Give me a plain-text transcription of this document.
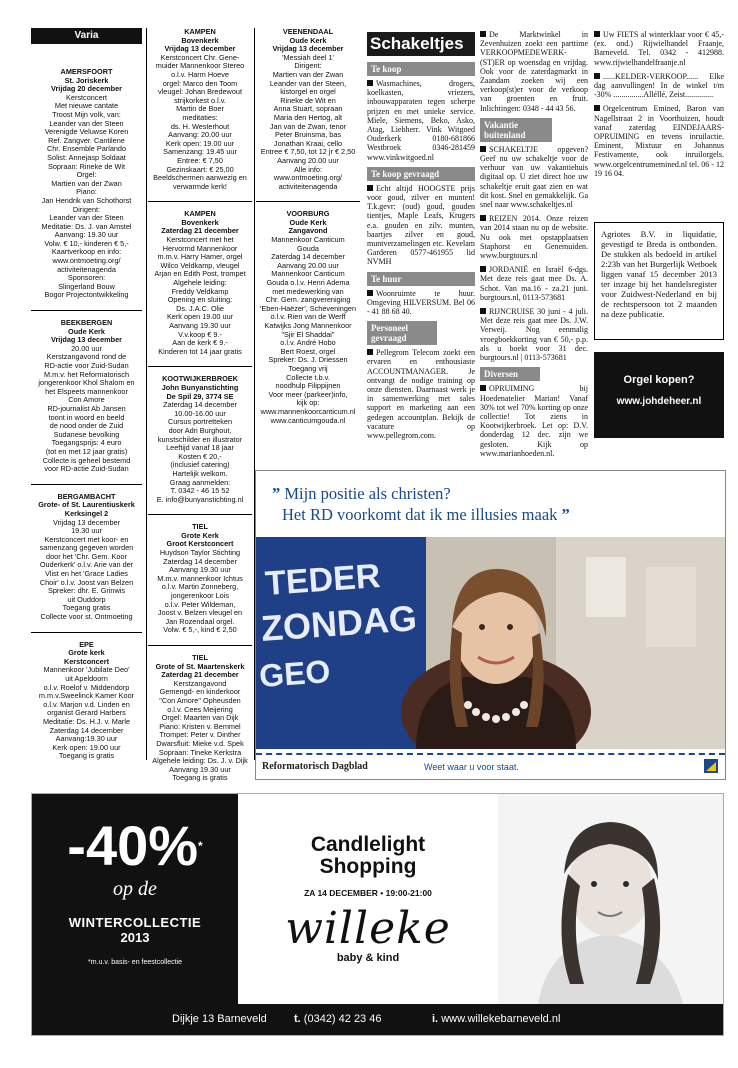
Varia
AMERSFOORT

St. Joriskerk

Vrijdag 20 december

Kerstconcert

Met nieuwe cantate

Troost Mijn volk, van:

Leander van der Steen

Verenigde Veluwse Koren

Ref. Zangver. Cantilene

Chr. Ensemble Parlando

Solist: Annejasp Soldaat

Sopraan: Rineke de Wit

Orgel:

Martien van der Zwan

Piano:

Jan Hendrik van Schothorst

Dirigent:

Leander van der Steen

Meditatie: Ds. J. van Amstel

Aanvang: 19.30 uur

Volw. € 10,- kinderen € 5,-

Kaartverkoop en info:

www.ontmoeting.org/

activiteitenagenda

Sponsoren:

Slingerland Bouw

Bogor Projectontwikkeling

BEEKBERGEN

Oude Kerk

Vrijdag 13 december

20.00 uur

Kerstzangavond rond de

RD-actie voor Zuid-Sudan

M.m.v. het Reformatorisch

jongerenkoor Khol Shalom en

het Elspeets mannenkoor

Con Amore

RD-journalist Ab Jansen

toont in woord en beeld

de nood onder de Zuid

Sudanese bevolking

Toegangsprijs: 4 euro

(tot en met 12 jaar gratis)

Collecte is geheel bestemd

voor RD-actie Zuid-Sudan

BERGAMBACHT

Grote- of St. Laurentiuskerk

Kerksingel 2

Vrijdag 13 december

19.30 uur

Kerstconcert met koor- en

samenzang gegeven worden

door het 'Chr. Gem. Koor

Ouderkerk' o.l.v. Arie van der

Vlist en het 'Grace Ladies

Choir' o.l.v. Joost van Belzen

Spreker: dhr. E. Grinwis

uit Ouddorp

Toegang gratis

Collecte voor st. Ontmoeting

EPE

Grote kerk

Kerstconcert

Mannenkoor 'Jubilate Deo'

uit Apeldoorn

o.l.v. Roelof v. Middendorp

m.m.v.Sweelinck Kamer Koor

o.l.v. Marjon v.d. Linden en

organist Gerard Harbers

Meditatie: Ds. H.J. v. Marle

Zaterdag 14 december

Aanvang:19.30 uur

Kerk open: 19.00 uur

Toegang is gratis

KAMPEN

Bovenkerk

Vrijdag 13 december

Kerstconcert Chr. Gene-

muider Mannenkoor Stereo

o.l.v. Harm Hoeve

orgel: Marco den Toom

vleugel: Johan Bredewout

strijkorkest o.l.v.

Martin de Boer

meditaties:

ds. H. Westerhout

Aanvang: 20.00 uur

Kerk open: 19.00 uur

Samenzang: 19.45 uur

Entree: € 7,50

Gezinskaart: € 25,00

Beeldschermen aanwezig en

verwarmde kerk!

KAMPEN

Bovenkerk

Zaterdag 21 december

Kerstconcert met het

Hervormd Mannenkoor

m.m.v. Harry Hamer, orgel

Wilco Veldkamp, vleugel

Arjan en Edith Post, trompet

Algehele leiding:

Freddy Veldkamp

Opening en sluiting:

Ds. J.A.C. Olie

Kerk open 19.00 uur

Aanvang 19.30 uur

V.v.koop € 9.-

Aan de kerk € 9.-

Kinderen tot 14 jaar gratis

KOOTWIJKERBROEK

John Bunyanstichting

De Spil 29, 3774 SE

Zaterdag 14 december

10.00-16.00 uur

Cursus portretteken

door Adri Burghout,

kunstschilder en illustrator

Leeftijd vanaf 18 jaar

Kosten € 20,-

(inclusief catering)

Hartelijk welkom.

Graag aanmelden:

T. 0342 - 46 15 52

E. info@bunyanstichting.nl

TIEL

Grote Kerk

Groot Kerstconcert

Huydson Taylor Stichting

Zaterdag 14 december

Aanvang 19.30 uur

M.m.v. mannenkoor Ichtus

o.l.v. Martin Zonneberg,

jongerenkoor Lois

o.l.v. Peter Wildeman,

Joost v. Belzen vleugel en

Jan Rozendaal orgel.

Volw. € 5,-, kind € 2,50

TIEL

Grote of St. Maartenskerk

Zaterdag 21 december

Kerstzangavond

Gemengd- en kinderkoor

"Con Amore" Opheusden

o.l.v. Cees Meijering

Orgel: Maarten van Dijk

Piano: Kristen v. Bemmel

Trompet: Peter v. Dinther

Dwarsfluit: Mieke v.d. Spek

Sopraan: Tineke Kerkstra

Algehele leiding: Ds. J. v. Dijk

Aanvang 19.30 uur

Toegang is gratis

VEENENDAAL

Oude Kerk

Vrijdag 13 december

'Messiah deel 1'

Dirigent:

Martien van der Zwan

Leander van der Steen,

kistorgel en orgel

Rineke de Wit en

Anna Stuart, sopraan

Maria den Hertog, alt

Jan van de Zwan, tenor

Peter Bruinsma, bas

Jonathan Kraai, cello

Entree € 7,50, tot 12 jr € 2,50

Aanvang 20.00 uur

Alle info:

www.ontmoeting.org/

activiteitenagenda

VOORBURG

Oude Kerk

Zangavond

Mannenkoor Canticum

Gouda

Zaterdag 14 december

Aanvang 20.00 uur

Mannenkoor Canticum

Gouda o.l.v. Henri Adema

met medewerking van

Chr. Gem. zangvereniging

'Eben-Haëzer', Scheveningen

o.l.v. Rien van de Werff

Katwijks Jong Mannenkoor

"Sjir El Shaddai"

o.l.v. André Hobo

Bert Roest, orgel

Spreker: Ds. J. Driessen

Toegang vrij

Collecte t.b.v.

noodhulp Filippijnen

Voor meer (parkeer)info,

kijk op:

www.mannenkoorcanticum.nl

www.canticumgouda.nl

Schakeltjes
Te koop

Wasmachines, drogers, koelkasten, vriezers, inbouwapparaten tegen scherpe prijzen en met unieke service. Miele, Siemens, Beko, Asko, Atag, Liebherr. Vink Witgoed Ouderkerk 0180-681866 Westbroek 0346-281459 www.vinkwitgoed.nl

Te koop gevraagd

Echt altijd HOOGSTE prijs voor goud, zilver en munten! T.k.gevr: (oud) goud, gouden tientjes, Maple Leafs, Krugers e.a. gouden en zilv. munten, baartjes zilver en goud, muntverzamelingen etc. Kevelam Garderen 0577-461955 lid NVMH

Te huur

Woonruimte te huur. Omgeving HILVERSUM. Bel 06 - 41 88 68 40.

Personeel gevraagd

Pellegrom Telecom zoekt een ervaren en enthousiaste ACCOUNTMANAGER. Je ontvangt de nodige training op onze diensten. Daarnaast werk je in samenwerking met sales support en marketing aan een gedegen accountplan. Bekijk de vacature op www.pellegrom.com.

De Marktwinkel in Zevenhuizen zoekt een parttime VERKOOPMEDEWERK-(ST)ER op woensdag en vrijdag. Ook voor de zaterdagmarkt in Zaandam zoeken wij een verkoop(st)er voor de verkoop van groenten en fruit. Inlichtingen: 0348 - 44 43 56.

Vakantie buitenland

SCHAKELTJE opgeven? Geef nu uw schakeltje voor de verhuur van uw vakantiehuis digitaal op. U ziet direct hoe uw schakeltje eruit gaat zien en wat dit kost. Snel en gemakkelijk. Ga snel naar www.schakeltjes.nl

REIZEN 2014. Onze reizen van 2014 staan nu op de website. Nu ook met opstapplaatsen Staphorst en Genemuiden. www.burgtours.nl

JORDANIË en Israël 6-dgs. Met deze reis gaat mee Ds. A. Schot. Van ma.16 - za.21 juni. burgtours.nl, 0113-573681

RIJNCRUISE 30 juni - 4 juli. Met deze reis gaat mee Ds. J.W. Verweij. Nog eenmalig vroegboekkorting van € 50,- p.p. als u boekt voor 31 dec. burgtours.nl | 0113-573681

Diversen

OPRUIMING bij Hoedenatelier Marian! Vanaf 30% tot wel 70% korting op onze collectie! Tot ziens in Kootwijkerbroek. Let op: D.V. donderdag 12 dec. zijn we gesloten. Kijk op www.marianhoeden.nl.

Uw FIETS al winterklaar voor € 45,- (ex. ond.) Rijwielhandel Fraanje, Barneveld. Tel. 0342 - 412988. www.rijwielhandelfraanje.nl

......KELDER-VERKOOP...... Elke dag aanvullingen! In de winkel t/m -30% ...............Alléllé, Zeist..............

Orgelcentrum Emined, Baron van Nagellstraat 2 in Voorthuizen, houdt vanaf zaterdag EINDEJAARS-OPRUIMING en tevens inruilactie. Eminent, Mixtuur en Johannus Festivamente, ook inruilorgels. www.orgelcentrumemined.nl tel. 06 - 12 19 16 04.

Agriotes B.V. in liquidatie, gevestigd te Breda is ontbonden. De stukken als bedoeld in artikel 2:23b van het Burgerlijk Wetboek liggen vanaf 15 december 2013 ter inzage bij het handelsregister voor Zuidwest-Nederland en bij de rechtspersoon tot 2 maanden na deze publicatie.
Orgel kopen?
www.johdeheer.nl
” Mijn positie als christen?
Het RD voorkomt dat ik me illusies maak ”
TEDER
ZONDAG
GEO
Reformatorisch Dagblad	Weet waar u voor staat.
-40%*
op de
WINTERCOLLECTIE
2013
*m.u.v. basis- en feestcollectie
Candlelight
Shopping
ZA 14 DECEMBER • 19:00-21:00
willeke
baby & kind
Dijkje 13 Barneveld t. (0342) 42 23 46	i. www.willekebarneveld.nl
